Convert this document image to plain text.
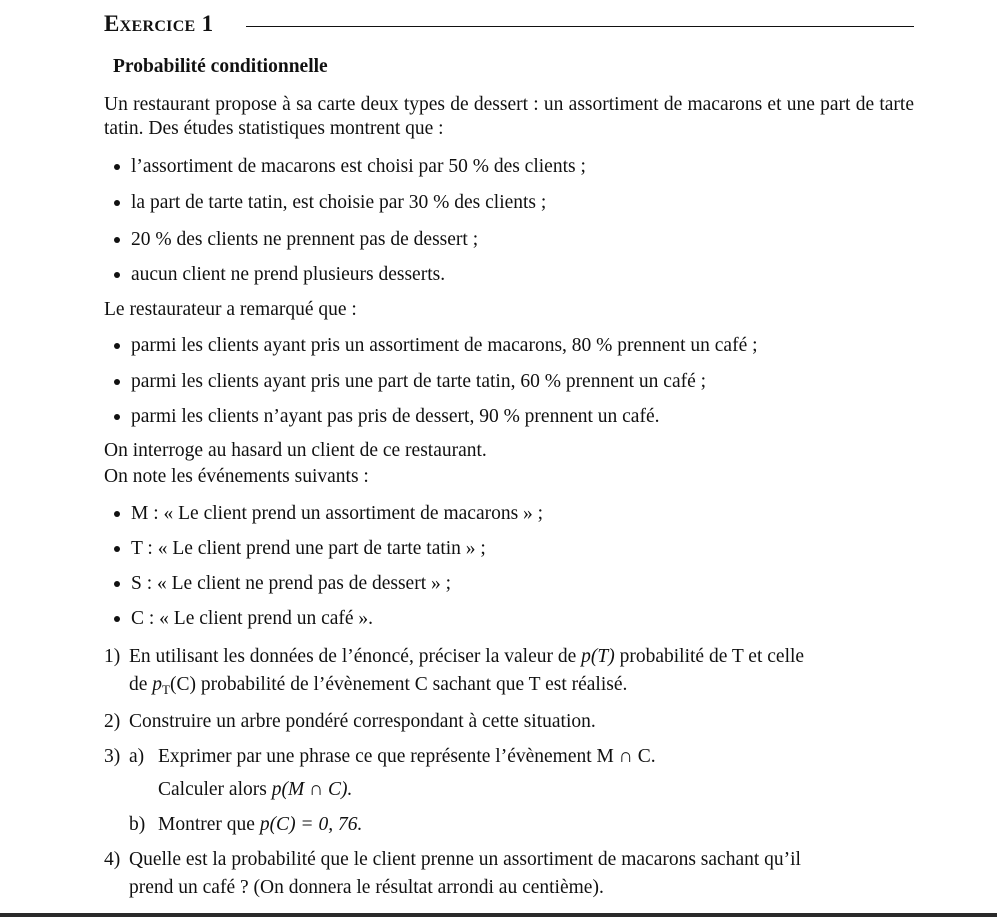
Exercice 1
Probabilité conditionnelle
Un restaurant propose à sa carte deux types de dessert : un assortiment de macarons et une part de tarte tatin. Des études statistiques montrent que :
l’assortiment de macarons est choisi par 50 % des clients ;
la part de tarte tatin, est choisie par 30 % des clients ;
20 % des clients ne prennent pas de dessert ;
aucun client ne prend plusieurs desserts.
Le restaurateur a remarqué que :
parmi les clients ayant pris un assortiment de macarons, 80 % prennent un café ;
parmi les clients ayant pris une part de tarte tatin, 60 % prennent un café ;
parmi les clients n’ayant pas pris de dessert, 90 % prennent un café.
On interroge au hasard un client de ce restaurant.
On note les événements suivants :
M : « Le client prend un assortiment de macarons » ;
T : « Le client prend une part de tarte tatin » ;
S : « Le client ne prend pas de dessert » ;
C : « Le client prend un café ».
1) En utilisant les données de l’énoncé, préciser la valeur de p(T) probabilité de T et celle
de $p_T(C)$ probabilité de l’évènement C sachant que T est réalisé.
2) Construire un arbre pondéré correspondant à cette situation.
3) a) Exprimer par une phrase ce que représente l’évènement M ∩ C.
Calculer alors p(M ∩ C).
b) Montrer que p(C) = 0, 76.
4) Quelle est la probabilité que le client prenne un assortiment de macarons sachant qu’il
prend un café ? (On donnera le résultat arrondi au centième).
